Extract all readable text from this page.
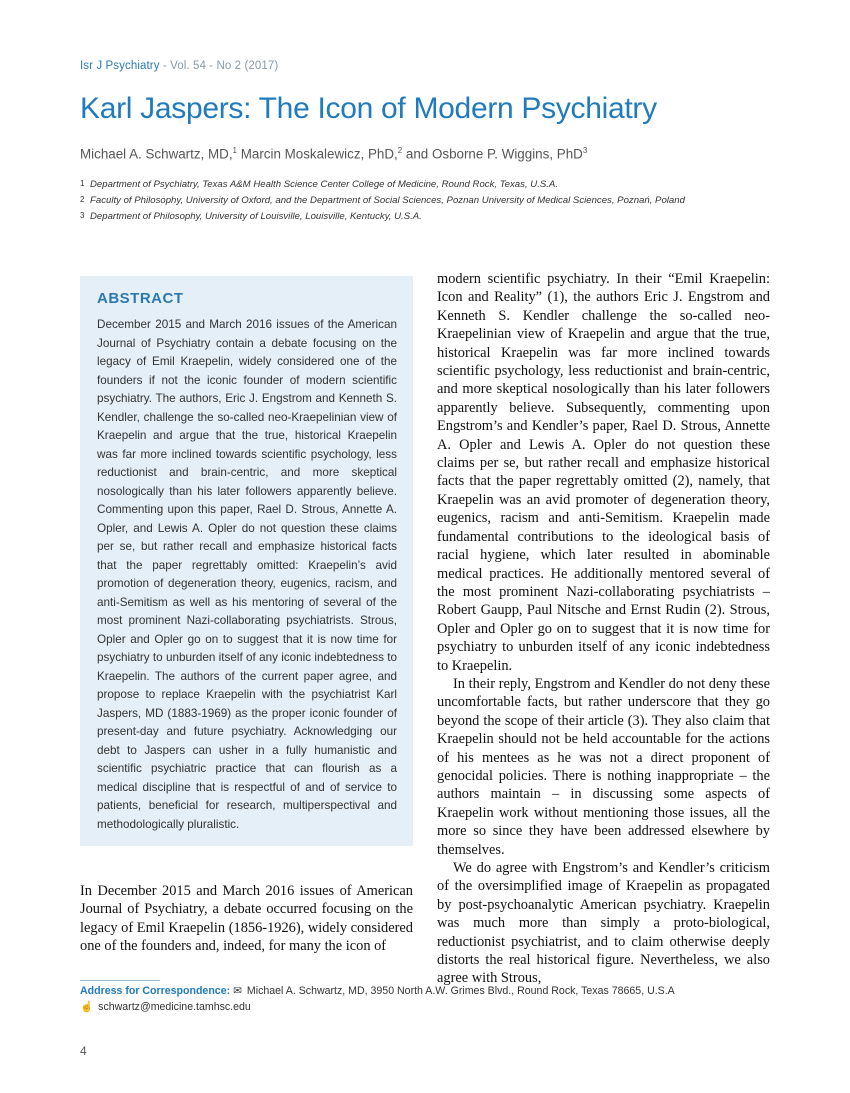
Isr J Psychiatry - Vol. 54 - No 2 (2017)
Karl Jaspers: The Icon of Modern Psychiatry
Michael A. Schwartz, MD,$^1$ Marcin Moskalewicz, PhD,$^2$ and Osborne P. Wiggins, PhD$^3$
1 Department of Psychiatry, Texas A&M Health Science Center College of Medicine, Round Rock, Texas, U.S.A.
2 Faculty of Philosophy, University of Oxford, and the Department of Social Sciences, Poznan University of Medical Sciences, Poznań, Poland
3 Department of Philosophy, University of Louisville, Louisville, Kentucky, U.S.A.
ABSTRACT

December 2015 and March 2016 issues of the American Journal of Psychiatry contain a debate focusing on the legacy of Emil Kraepelin, widely considered one of the founders if not the iconic founder of modern scientific psychiatry. The authors, Eric J. Engstrom and Kenneth S. Kendler, challenge the so-called neo-Kraepelinian view of Kraepelin and argue that the true, historical Kraepelin was far more inclined towards scientific psychology, less reductionist and brain-centric, and more skeptical nosologically than his later followers apparently believe. Commenting upon this paper, Rael D. Strous, Annette A. Opler, and Lewis A. Opler do not question these claims per se, but rather recall and emphasize historical facts that the paper regrettably omitted: Kraepelin’s avid promotion of degeneration theory, eugenics, racism, and anti-Semitism as well as his mentoring of several of the most prominent Nazi-collaborating psychiatrists. Strous, Opler and Opler go on to suggest that it is now time for psychiatry to unburden itself of any iconic indebtedness to Kraepelin. The authors of the current paper agree, and propose to replace Kraepelin with the psychiatrist Karl Jaspers, MD (1883-1969) as the proper iconic founder of present-day and future psychiatry. Acknowledging our debt to Jaspers can usher in a fully humanistic and scientific psychiatric practice that can flourish as a medical discipline that is respectful of and of service to patients, beneficial for research, multiperspectival and methodologically pluralistic.

In December 2015 and March 2016 issues of American Journal of Psychiatry, a debate occurred focusing on the legacy of Emil Kraepelin (1856-1926), widely considered one of the founders and, indeed, for many the icon of

modern scientific psychiatry. In their “Emil Kraepelin: Icon and Reality” (1), the authors Eric J. Engstrom and Kenneth S. Kendler challenge the so-called neo-Kraepelinian view of Kraepelin and argue that the true, historical Kraepelin was far more inclined towards scientific psychology, less reductionist and brain-centric, and more skeptical nosologically than his later followers apparently believe. Subsequently, commenting upon Engstrom’s and Kendler’s paper, Rael D. Strous, Annette A. Opler and Lewis A. Opler do not question these claims per se, but rather recall and emphasize historical facts that the paper regrettably omitted (2), namely, that Kraepelin was an avid promoter of degeneration theory, eugenics, racism and anti-Semitism. Kraepelin made fundamental contributions to the ideological basis of racial hygiene, which later resulted in abominable medical practices. He additionally mentored several of the most prominent Nazi-collaborating psychiatrists – Robert Gaupp, Paul Nitsche and Ernst Rudin (2). Strous, Opler and Opler go on to suggest that it is now time for psychiatry to unburden itself of any iconic indebtedness to Kraepelin.

In their reply, Engstrom and Kendler do not deny these uncomfortable facts, but rather underscore that they go beyond the scope of their article (3). They also claim that Kraepelin should not be held accountable for the actions of his mentees as he was not a direct proponent of genocidal policies. There is nothing inappropriate – the authors maintain – in discussing some aspects of Kraepelin work without mentioning those issues, all the more so since they have been addressed elsewhere by themselves.

We do agree with Engstrom’s and Kendler’s criticism of the oversimplified image of Kraepelin as propagated by post-psychoanalytic American psychiatry. Kraepelin was much more than simply a proto-biological, reductionist psychiatrist, and to claim otherwise deeply distorts the real historical figure. Nevertheless, we also agree with Strous,

Address for Correspondence: ✉ Michael A. Schwartz, MD, 3950 North A.W. Grimes Blvd., Round Rock, Texas 78665, U.S.A
☝ schwartz@medicine.tamhsc.edu
4
